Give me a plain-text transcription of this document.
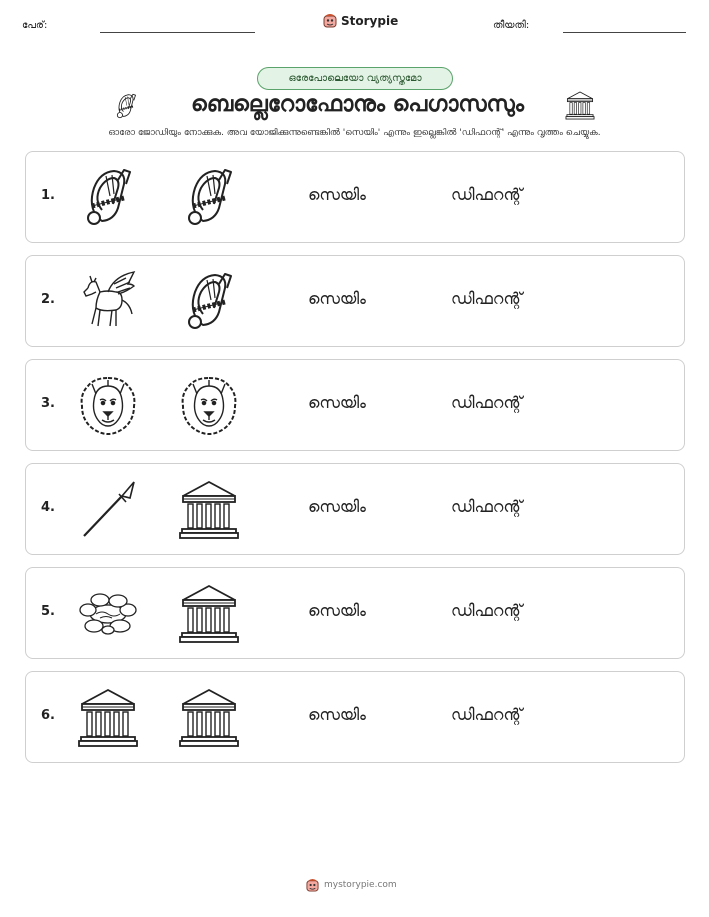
പേര്:	Storypie	തീയതി:
ഒരേപോലെയോ വ്യത്യസ്തമോ
ബെല്ലെറോഫോനും പെഗാസസും
ഓരോ ജോഡിയും നോക്കുക. അവ യോജിക്കുന്നുണ്ടെങ്കിൽ 'സെയിം' എന്നും ഇല്ലെങ്കിൽ 'ഡിഫറന്റ്' എന്നും വൃത്തം ചെയ്യുക.
1.	സെയിം	ഡിഫറന്റ്
2.	സെയിം	ഡിഫറന്റ്
3.	സെയിം	ഡിഫറന്റ്
4.	സെയിം	ഡിഫറന്റ്
5.	സെയിം	ഡിഫറന്റ്
6.	സെയിം	ഡിഫറന്റ്
mystorypie.com
